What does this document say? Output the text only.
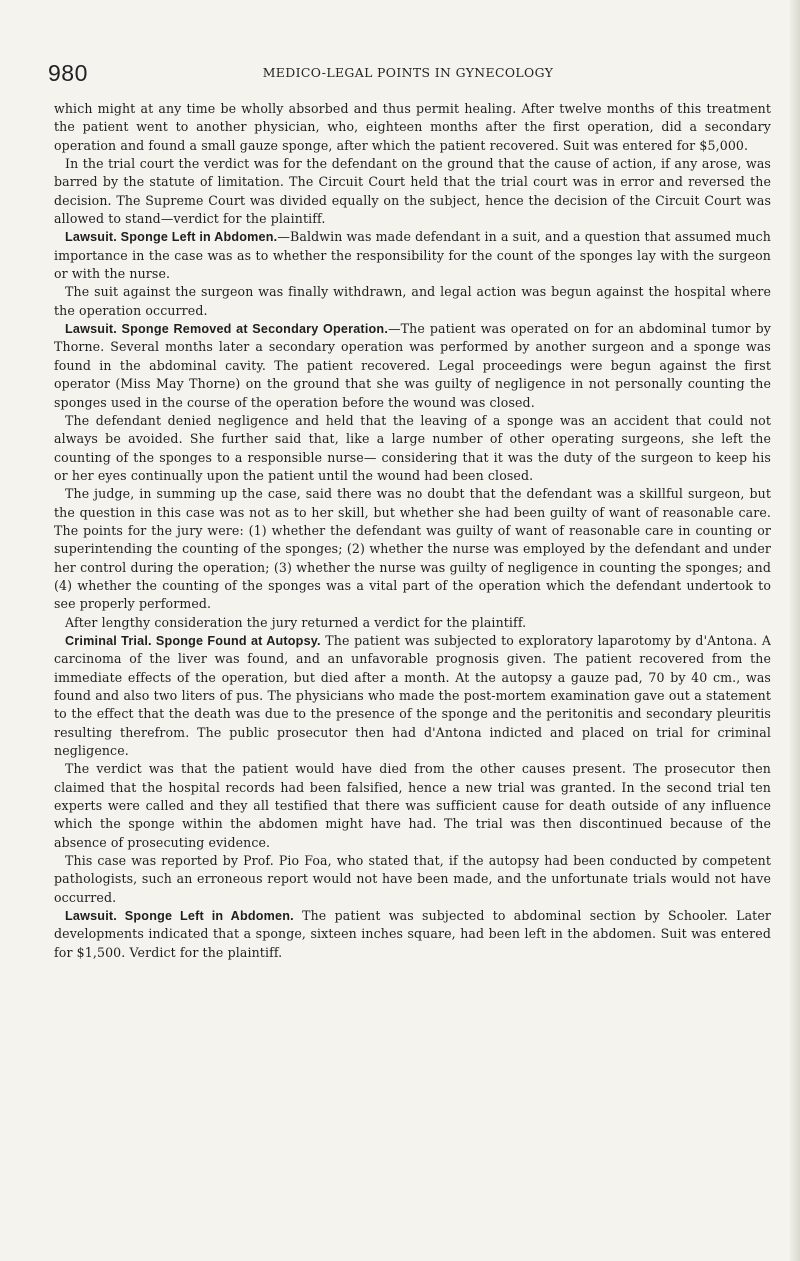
980	MEDICO-LEGAL POINTS IN GYNECOLOGY

which might at any time be wholly absorbed and thus permit healing. After twelve months of this treatment the patient went to another physician, who, eighteen months after the first operation, did a secondary operation and found a small gauze sponge, after which the patient recovered. Suit was entered for $5,000.

In the trial court the verdict was for the defendant on the ground that the cause of action, if any arose, was barred by the statute of limitation. The Circuit Court held that the trial court was in error and reversed the decision. The Supreme Court was divided equally on the subject, hence the decision of the Circuit Court was allowed to stand—verdict for the plaintiff.

Lawsuit. Sponge Left in Abdomen.—Baldwin was made defendant in a suit, and a question that assumed much importance in the case was as to whether the responsibility for the count of the sponges lay with the surgeon or with the nurse.

The suit against the surgeon was finally withdrawn, and legal action was begun against the hospital where the operation occurred.

Lawsuit. Sponge Removed at Secondary Operation.—The patient was operated on for an abdominal tumor by Thorne. Several months later a secondary operation was performed by another surgeon and a sponge was found in the abdominal cavity. The patient recovered. Legal proceedings were begun against the first operator (Miss May Thorne) on the ground that she was guilty of negligence in not personally counting the sponges used in the course of the operation before the wound was closed.

The defendant denied negligence and held that the leaving of a sponge was an accident that could not always be avoided. She further said that, like a large number of other operating surgeons, she left the counting of the sponges to a responsible nurse— considering that it was the duty of the surgeon to keep his or her eyes continually upon the patient until the wound had been closed.

The judge, in summing up the case, said there was no doubt that the defendant was a skillful surgeon, but the question in this case was not as to her skill, but whether she had been guilty of want of reasonable care. The points for the jury were: (1) whether the defendant was guilty of want of reasonable care in counting or superintending the counting of the sponges; (2) whether the nurse was employed by the defendant and under her control during the operation; (3) whether the nurse was guilty of negligence in counting the sponges; and (4) whether the counting of the sponges was a vital part of the operation which the defendant undertook to see properly performed.

After lengthy consideration the jury returned a verdict for the plaintiff.

Criminal Trial. Sponge Found at Autopsy. The patient was subjected to exploratory laparotomy by d'Antona. A carcinoma of the liver was found, and an unfavorable prognosis given. The patient recovered from the immediate effects of the operation, but died after a month. At the autopsy a gauze pad, 70 by 40 cm., was found and also two liters of pus. The physicians who made the post-mortem examination gave out a statement to the effect that the death was due to the presence of the sponge and the peritonitis and secondary pleuritis resulting therefrom. The public prosecutor then had d'Antona indicted and placed on trial for criminal negligence.

The verdict was that the patient would have died from the other causes present. The prosecutor then claimed that the hospital records had been falsified, hence a new trial was granted. In the second trial ten experts were called and they all testified that there was sufficient cause for death outside of any influence which the sponge within the abdomen might have had. The trial was then discontinued because of the absence of prosecuting evidence.

This case was reported by Prof. Pio Foa, who stated that, if the autopsy had been conducted by competent pathologists, such an erroneous report would not have been made, and the unfortunate trials would not have occurred.

Lawsuit. Sponge Left in Abdomen. The patient was subjected to abdominal section by Schooler. Later developments indicated that a sponge, sixteen inches square, had been left in the abdomen. Suit was entered for $1,500. Verdict for the plaintiff.
